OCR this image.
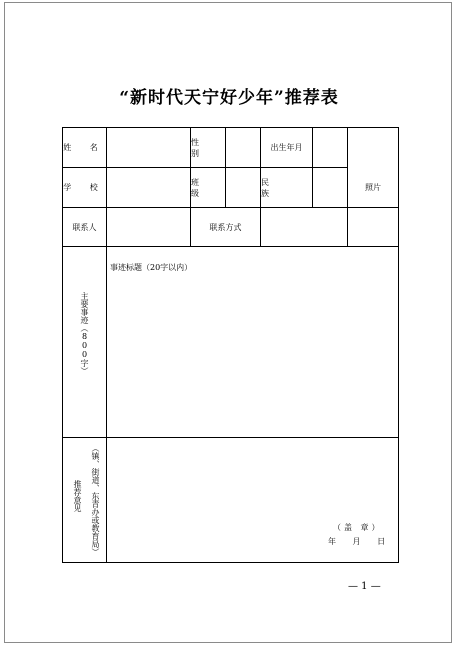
“新时代天宁好少年”推荐表
姓 名
性 别
出生年月
照片
学 校
班 级
民 族
联系人	联系方式
主要事迹（800字）
事迹标题（20字以内）
（镇、街道、东青办或教育局）
推荐意见
（盖 章）
年 月 日
— 1 —
